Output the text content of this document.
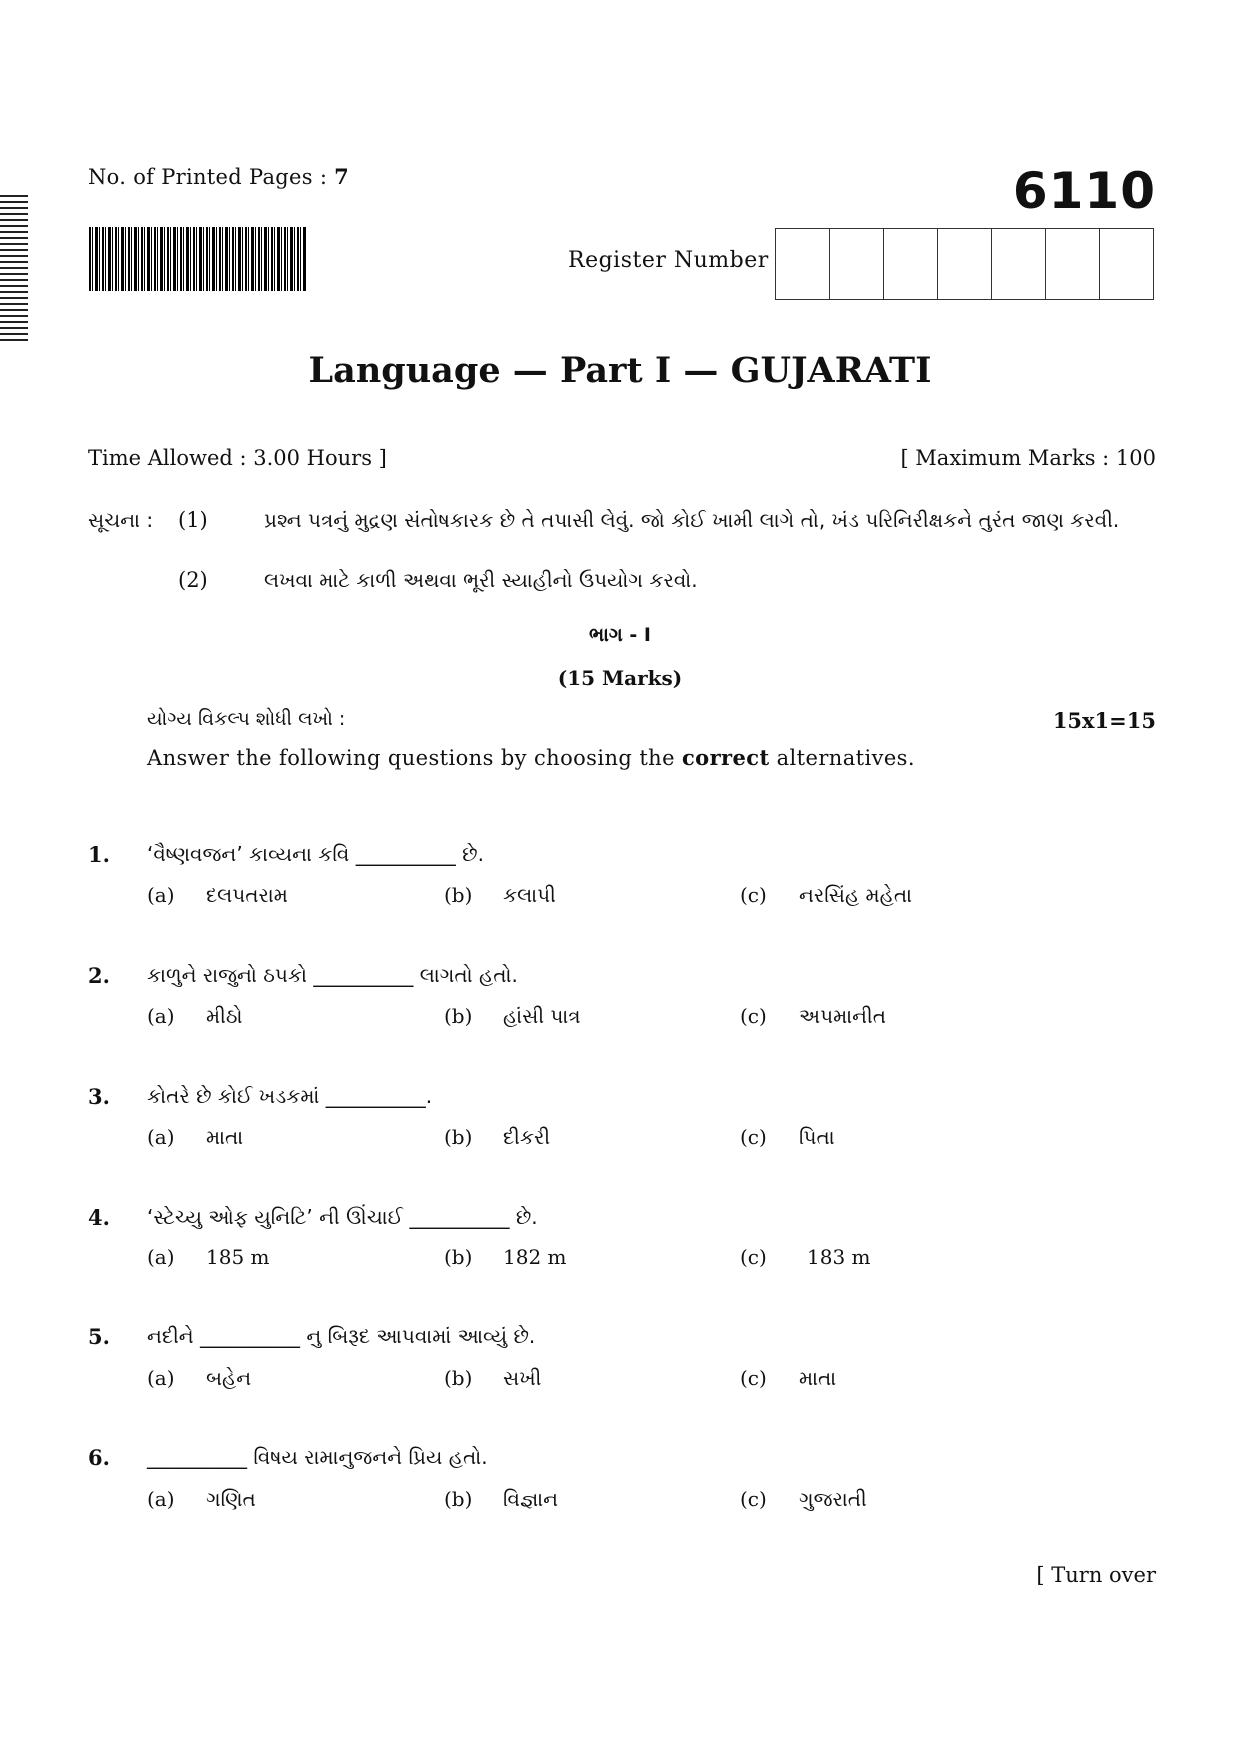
No. of Printed Pages : 7	6110
Register Number
Language — Part I — GUJARATI
Time Allowed : 3.00 Hours ]	[ Maximum Marks : 100
સૂચના : (1)	પ્રશ્ન પત્રનું મુદ્રણ સંતોષકારક છે તે તપાસી લેવું. જો કોઈ ખામી લાગે તો, ખંડ પરિનિરીક્ષકને તુરંત જાણ કરવી.
(2)	લખવા માટે કાળી અથવા ભૂરી સ્યાહીનો ઉપયોગ કરવો.
ભાગ - I
(15 Marks)
યોગ્ય વિકલ્પ શોધી લખો :	15x1=15
Answer the following questions by choosing the correct alternatives.
1. ‘વૈષ્ણવજન’ કાવ્યના કવિ __________ છે.
(a) દલપતરામ	(b) કલાપી	(c) નરસિંહ મહેતા
2. કાળુને રાજુનો ઠપકો __________ લાગતો હતો.
(a) મીઠો	(b) હાંસી પાત્ર	(c) અપમાનીત
3. કોતરે છે કોઈ ખડકમાં __________.
(a) માતા	(b) દીકરી	(c) પિતા
4. ‘સ્ટેચ્યુ ઓફ યુનિટિ’ ની ઊંચાઈ __________ છે.
(a) 185 m	(b) 182 m	(c) 183 m
5. નદીને __________ નુ બિરૂદ આપવામાં આવ્યું છે.
(a) બહેન	(b) સખી	(c) માતા
6. __________ વિષય રામાનુજનને પ્રિય હતો.
(a) ગણિત	(b) વિજ્ઞાન	(c) ગુજરાતી
[ Turn over
